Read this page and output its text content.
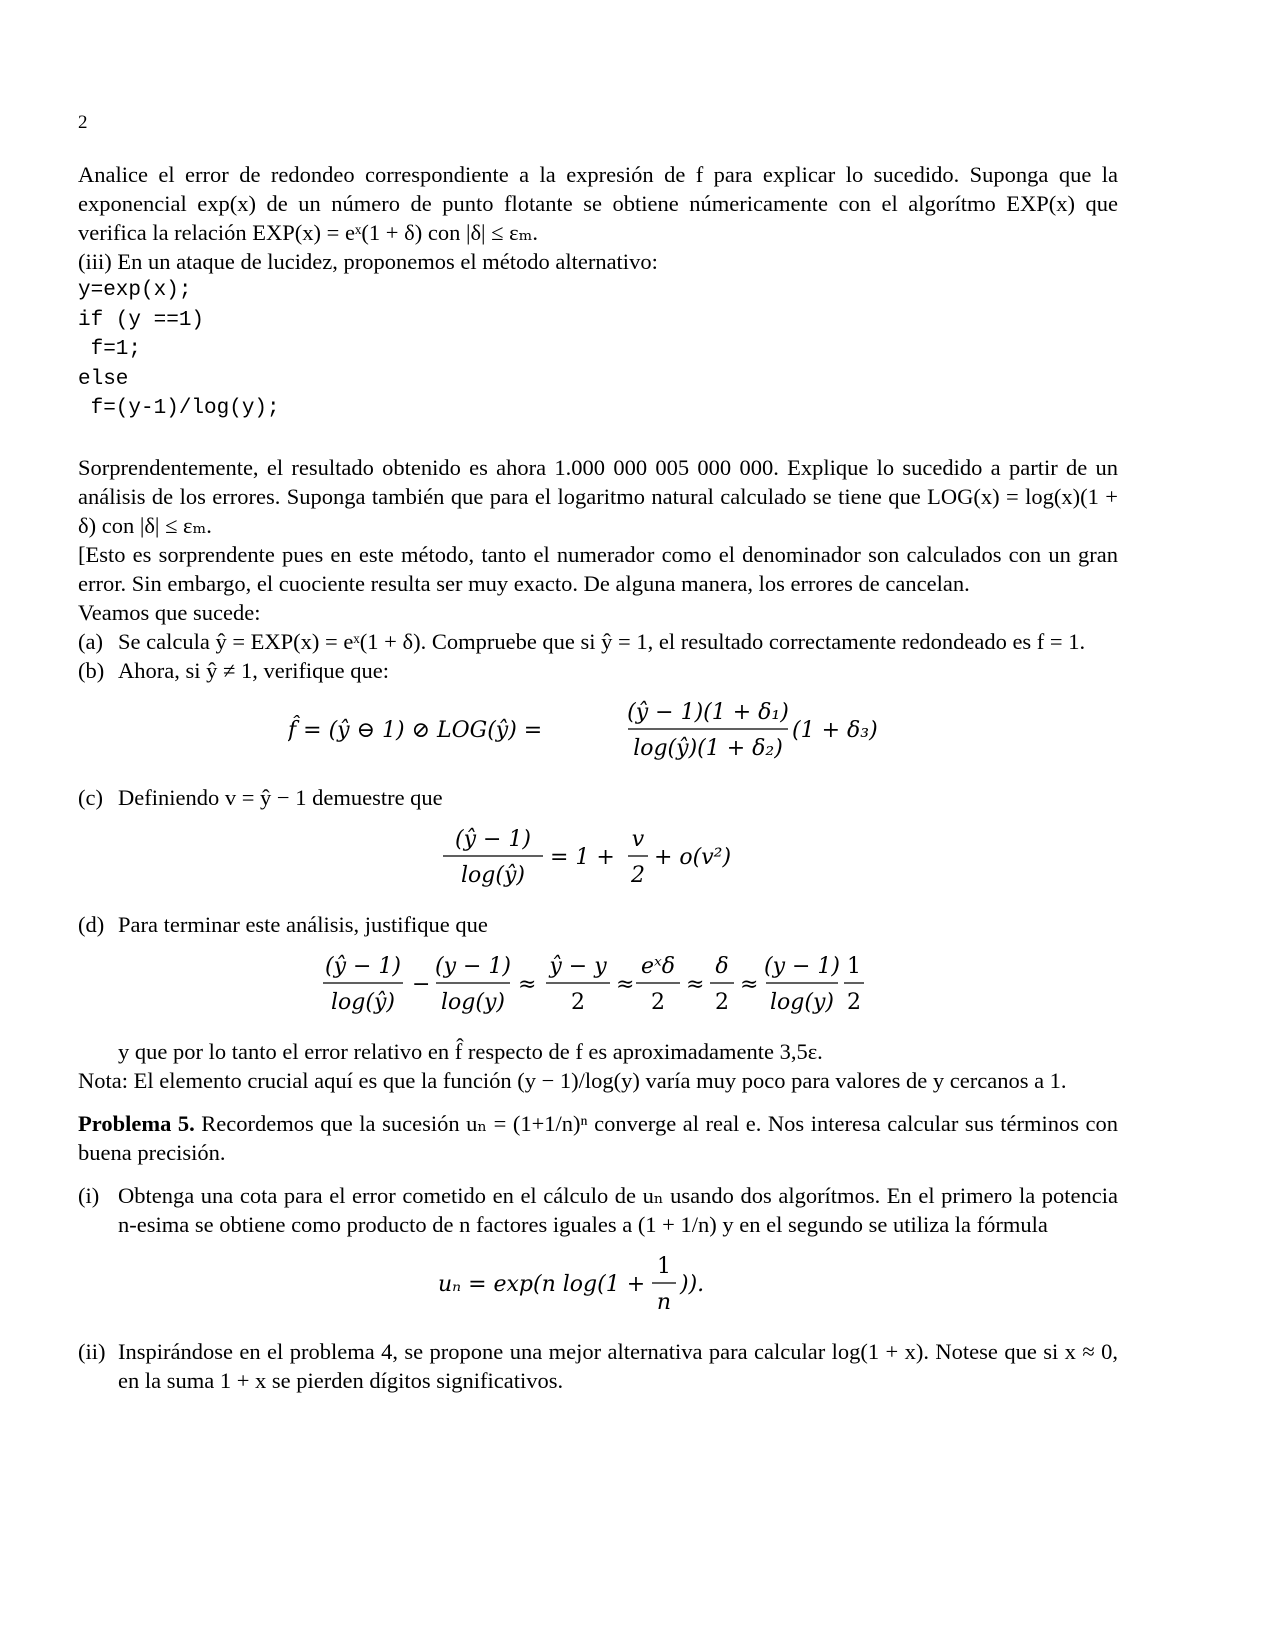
2

Analice el error de redondeo correspondiente a la expresión de f para explicar lo sucedido. Suponga que la exponencial exp(x) de un número de punto flotante se obtiene númericamente con el algorítmo EXP(x) que verifica la relación EXP(x) = eˣ(1 + δ) con |δ| ≤ εₘ.

(iii) En un ataque de lucidez, proponemos el método alternativo:

y=exp(x);
if (y ==1)
f=1;
else
f=(y-1)/log(y);

Sorprendentemente, el resultado obtenido es ahora 1.000 000 005 000 000. Explique lo sucedido a partir de un análisis de los errores. Suponga también que para el logaritmo natural calculado se tiene que LOG(x) = log(x)(1 + δ) con |δ| ≤ εₘ.

[Esto es sorprendente pues en este método, tanto el numerador como el denominador son calculados con un gran error. Sin embargo, el cuociente resulta ser muy exacto. De alguna manera, los errores de cancelan.

Veamos que sucede:

(a) Se calcula ŷ = EXP(x) = eˣ(1 + δ). Compruebe que si ŷ = 1, el resultado correctamente redondeado es f = 1.
(b) Ahora, si ŷ ≠ 1, verifique que:
f̂ = (ŷ ⊖ 1) ⊘ LOG(ŷ) =
(ŷ − 1)(1 + δ₁)
log(ŷ)(1 + δ₂)
(1 + δ₃)
(c) Definiendo v = ŷ − 1 demuestre que
(ŷ − 1)
log(ŷ)
= 1 +
v
2
+ o(v²)
(d) Para terminar este análisis, justifique que
(ŷ − 1)
log(ŷ)
−
(y − 1)
log(y)
≈
ŷ − y
2
≈
eˣδ
2
≈
δ
2
≈
(y − 1)
log(y)
1
2

y que por lo tanto el error relativo en f̂ respecto de f es aproximadamente 3,5ε.

Nota: El elemento crucial aquí es que la función (y − 1)/log(y) varía muy poco para valores de y cercanos a 1.

Problema 5. Recordemos que la sucesión uₙ = (1+1/n)ⁿ converge al real e. Nos interesa calcular sus términos con buena precisión.

(i) Obtenga una cota para el error cometido en el cálculo de uₙ usando dos algorítmos. En el primero la potencia n-esima se obtiene como producto de n factores iguales a (1 + 1/n) y en el segundo se utiliza la fórmula
uₙ = exp(n log(1 +
1
n
)).
(ii) Inspirándose en el problema 4, se propone una mejor alternativa para calcular log(1 + x). Notese que si x ≈ 0, en la suma 1 + x se pierden dígitos significativos.
